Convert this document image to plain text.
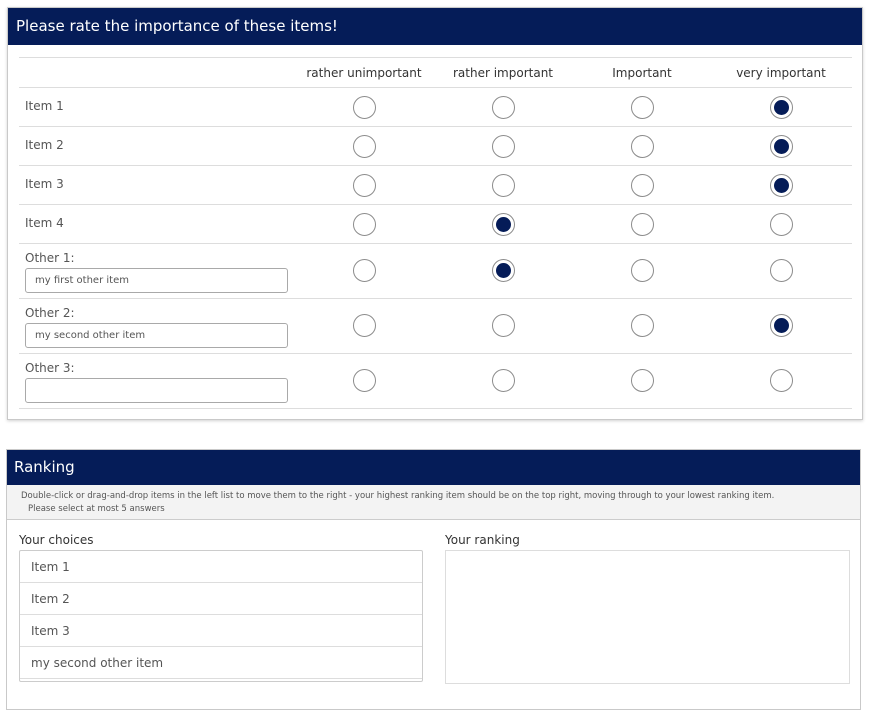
Please rate the importance of these items!
rather unimportant	rather important	Important	very important
Item 1
Item 2
Item 3
Item 4
Other 1:
my first other item
Other 2:
my second other item
Other 3:
Ranking
Double-click or drag-and-drop items in the left list to move them to the right - your highest ranking item should be on the top right, moving through to your lowest ranking item.
Please select at most 5 answers
Your choices	Your ranking
Item 1
Item 2
Item 3
my second other item
